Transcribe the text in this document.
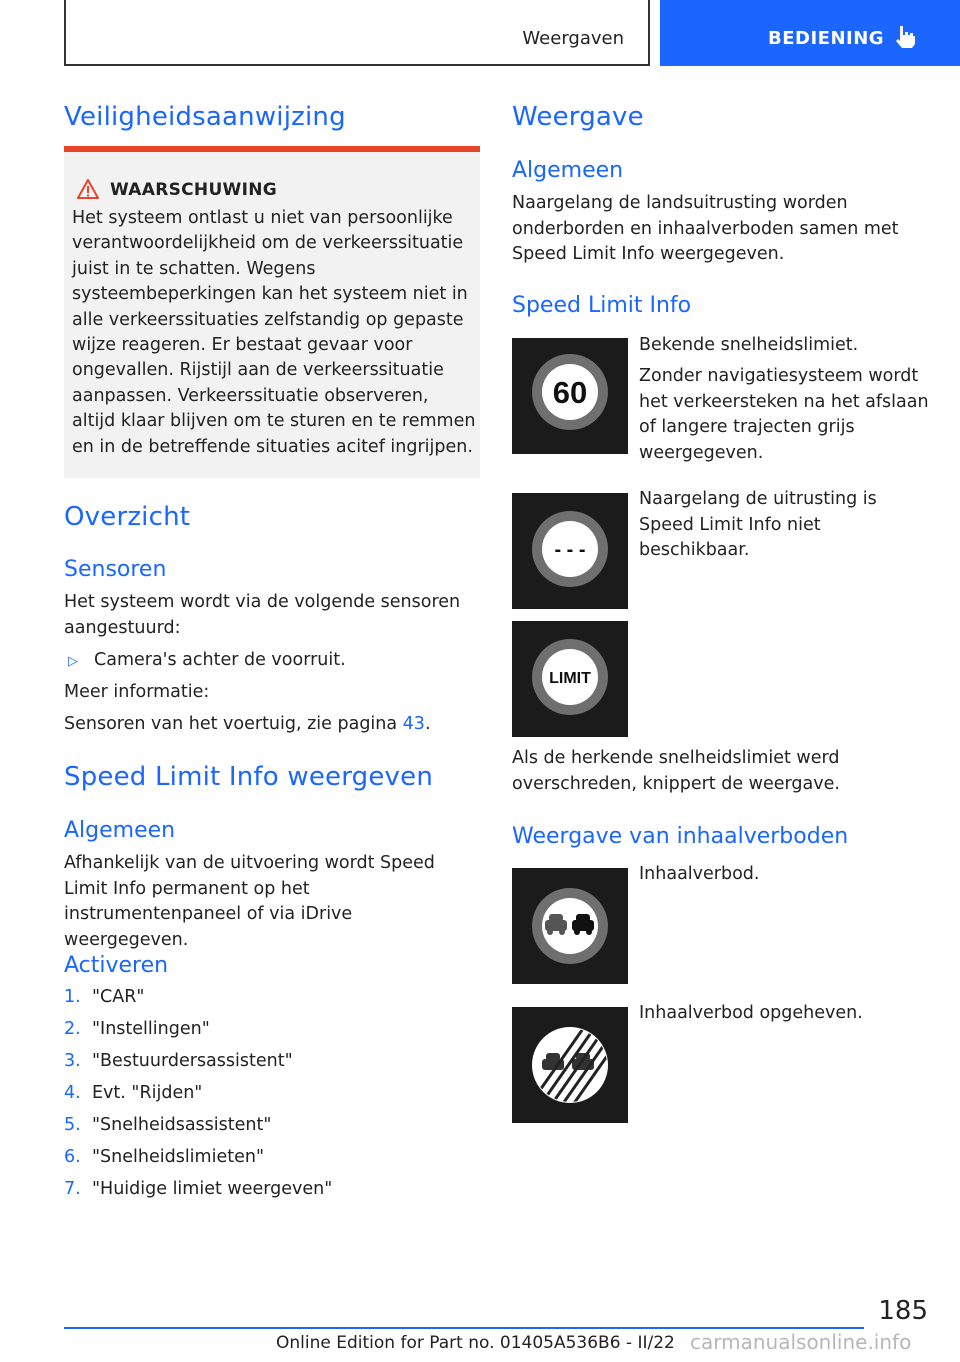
Weergaven	BEDIENING
Veiligheidsaanwijzing
WAARSCHUWING
Het systeem ontlast u niet van persoonlijke verantwoordelijkheid om de verkeerssituatie juist in te schatten. Wegens systeembeperkingen kan het systeem niet in alle verkeerssituaties zelfstandig op gepaste wijze reageren. Er bestaat gevaar voor ongevallen. Rijstijl aan de verkeerssituatie aanpassen. Verkeerssituatie observeren, altijd klaar blijven om te sturen en te remmen en in de betreffende situaties acitef ingrijpen.
Overzicht
Sensoren
Het systeem wordt via de volgende sensoren aangestuurd:
▷ Camera's achter de voorruit.
Meer informatie:
Sensoren van het voertuig, zie pagina 43.
Speed Limit Info weergeven
Algemeen
Afhankelijk van de uitvoering wordt Speed Limit Info permanent op het instrumentenpaneel of via iDrive weergegeven.
Activeren
1. "CAR"
2. "Instellingen"
3. "Bestuurdersassistent"
4. Evt. "Rijden"
5. "Snelheidsassistent"
6. "Snelheidslimieten"
7. "Huidige limiet weergeven"
Weergave
Algemeen
Naargelang de landsuitrusting worden onderborden en inhaalverboden samen met Speed Limit Info weergegeven.
Speed Limit Info
60
Bekende snelheidslimiet.
Zonder navigatiesysteem wordt het verkeersteken na het afslaan of langere trajecten grijs weergegeven.
- - -
Naargelang de uitrusting is Speed Limit Info niet beschikbaar.
LIMIT
Als de herkende snelheidslimiet werd overschreden, knippert de weergave.
Weergave van inhaalverboden
Inhaalverbod.
Inhaalverbod opgeheven.
185
Online Edition for Part no. 01405A536B6 - II/22 carmanualsonline.info
